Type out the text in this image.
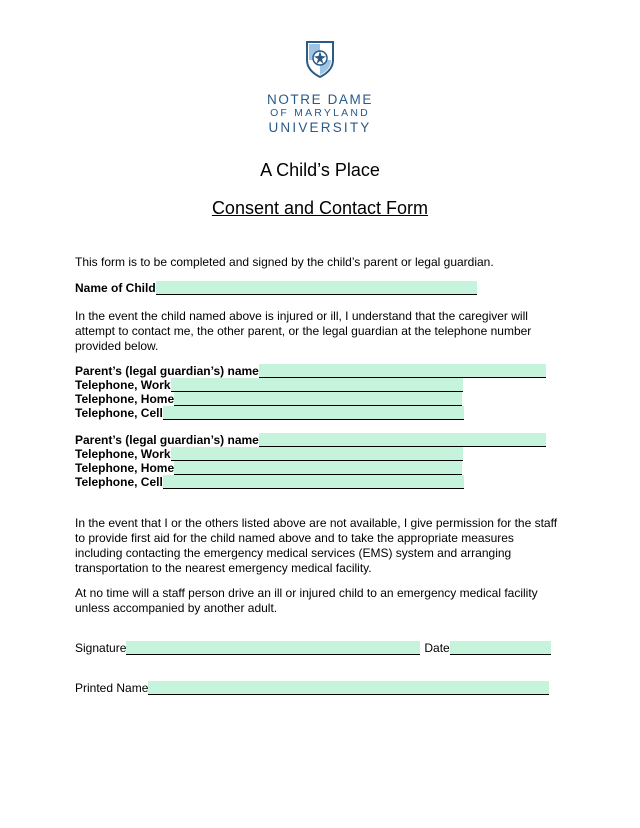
NOTRE DAME
OF MARYLAND
UNIVERSITY
A Child’s Place
Consent and Contact Form
This form is to be completed and signed by the child’s parent or legal guardian.
Name of Child
In the event the child named above is injured or ill, I understand that the caregiver will
attempt to contact me, the other parent, or the legal guardian at the telephone number
provided below.
Parent’s (legal guardian’s) name
Telephone, Work
Telephone, Home
Telephone, Cell
Parent’s (legal guardian’s) name
Telephone, Work
Telephone, Home
Telephone, Cell
In the event that I or the others listed above are not available, I give permission for the staff
to provide first aid for the child named above and to take the appropriate measures
including contacting the emergency medical services (EMS) system and arranging
transportation to the nearest emergency medical facility.
At no time will a staff person drive an ill or injured child to an emergency medical facility
unless accompanied by another adult.
Signature	Date
Printed Name
